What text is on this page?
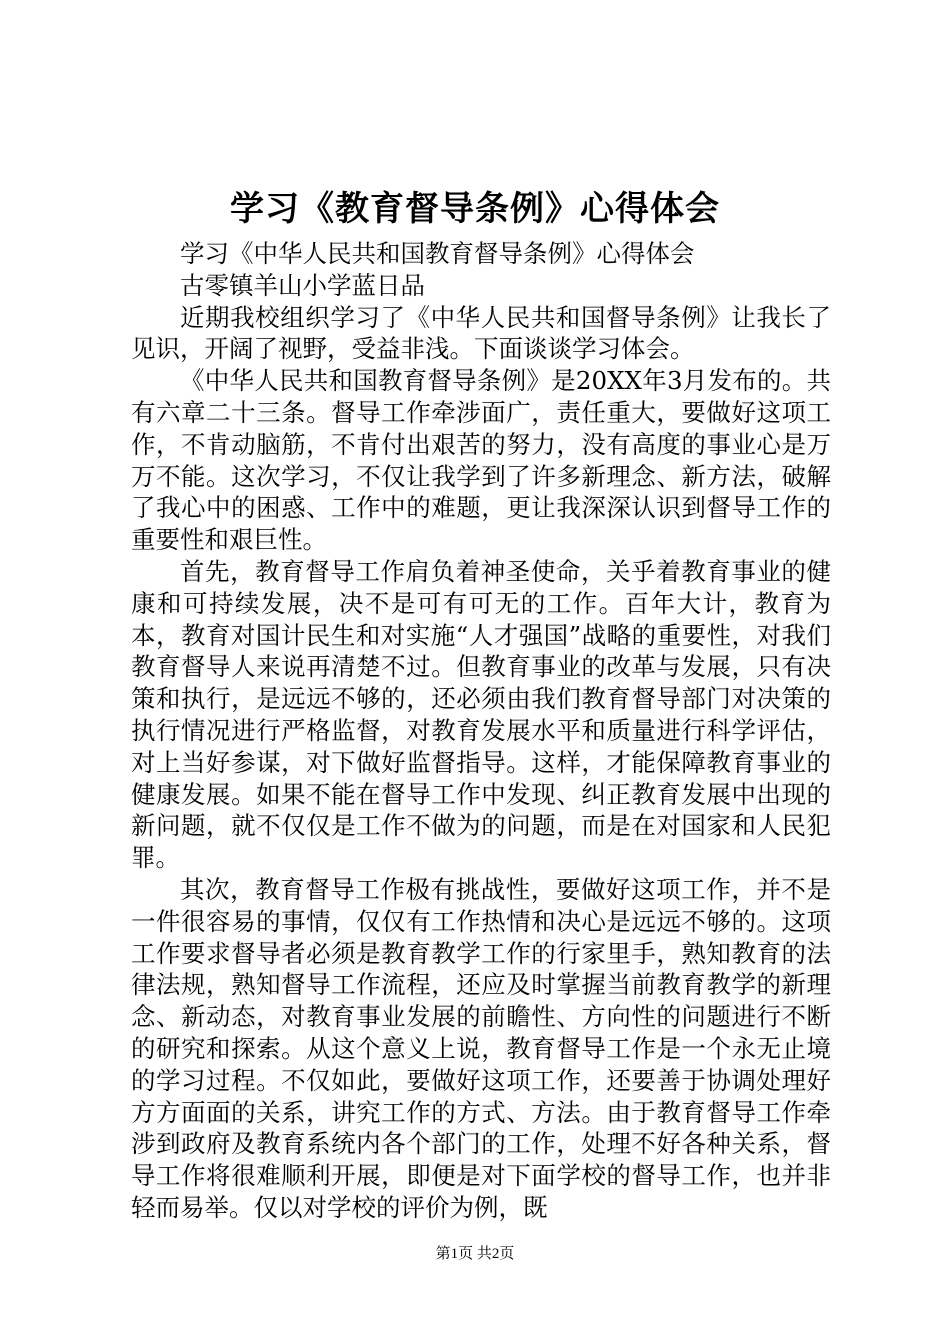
学习《教育督导条例》心得体会

学习《中华人民共和国教育督导条例》心得体会

古零镇羊山小学蓝日品

近期我校组织学习了《中华人民共和国督导条例》让我长了见识，开阔了视野，受益非浅。下面谈谈学习体会。

《中华人民共和国教育督导条例》是20XX年3月发布的。共有六章二十三条。督导工作牵涉面广，责任重大，要做好这项工作，不肯动脑筋，不肯付出艰苦的努力，没有高度的事业心是万万不能。这次学习，不仅让我学到了许多新理念、新方法，破解了我心中的困惑、工作中的难题，更让我深深认识到督导工作的重要性和艰巨性。

首先，教育督导工作肩负着神圣使命，关乎着教育事业的健康和可持续发展，决不是可有可无的工作。百年大计，教育为本，教育对国计民生和对实施“人才强国”战略的重要性，对我们教育督导人来说再清楚不过。但教育事业的改革与发展，只有决策和执行，是远远不够的，还必须由我们教育督导部门对决策的执行情况进行严格监督，对教育发展水平和质量进行科学评估，对上当好参谋，对下做好监督指导。这样，才能保障教育事业的健康发展。如果不能在督导工作中发现、纠正教育发展中出现的新问题，就不仅仅是工作不做为的问题，而是在对国家和人民犯罪。

其次，教育督导工作极有挑战性，要做好这项工作，并不是一件很容易的事情，仅仅有工作热情和决心是远远不够的。这项工作要求督导者必须是教育教学工作的行家里手，熟知教育的法律法规，熟知督导工作流程，还应及时掌握当前教育教学的新理念、新动态，对教育事业发展的前瞻性、方向性的问题进行不断的研究和探索。从这个意义上说，教育督导工作是一个永无止境的学习过程。不仅如此，要做好这项工作，还要善于协调处理好方方面面的关系，讲究工作的方式、方法。由于教育督导工作牵涉到政府及教育系统内各个部门的工作，处理不好各种关系，督导工作将很难顺利开展，即便是对下面学校的督导工作，也并非轻而易举。仅以对学校的评价为例，既

第1页 共2页
